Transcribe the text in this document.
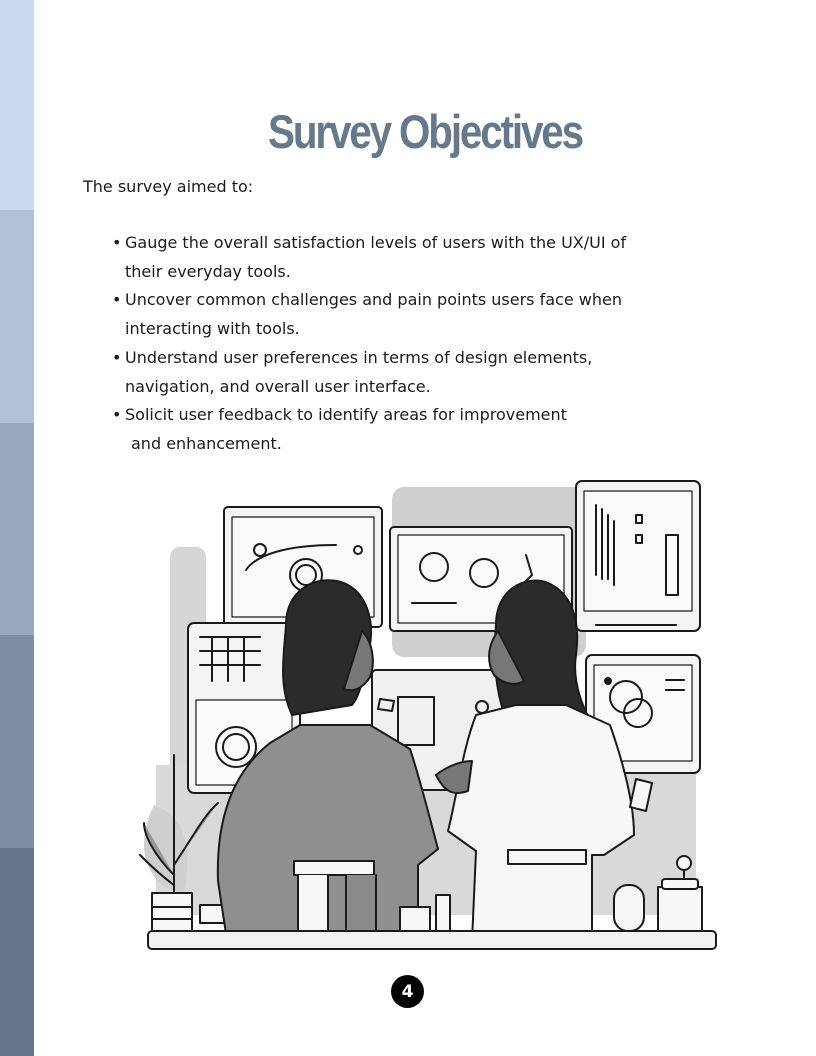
Survey Objectives

The survey aimed to:

• Gauge the overall satisfaction levels of users with the UX/UI of
their everyday tools.
• Uncover common challenges and pain points users face when
interacting with tools.
• Understand user preferences in terms of design elements,
navigation, and overall user interface.
• Solicit user feedback to identify areas for improvement
and enhancement.
4
